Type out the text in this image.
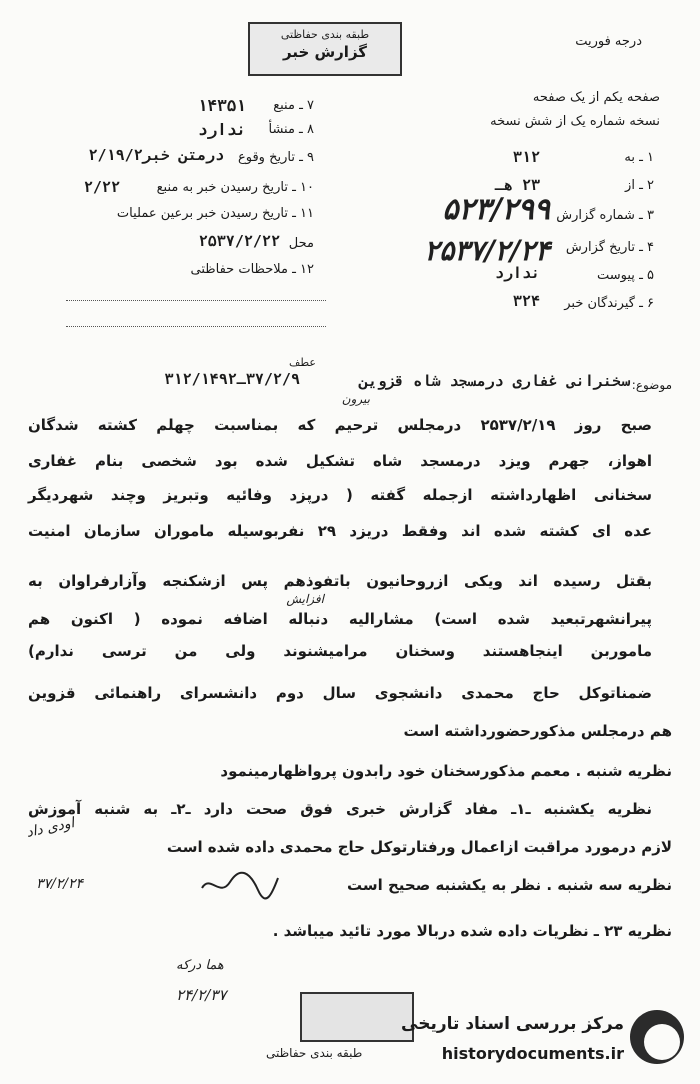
طبقه بندی حفاظتی
گزارش خبر
درجه فوریت
صفحه یکم از یک صفحه
نسخه شماره یک از شش نسخه
۱ ـ به
۳۱۲
۲ ـ از
۲۳ هـ
۳ ـ شماره گزارش
۵۲۳/۲۹۹
۴ ـ تاریخ گزارش
۲۵۳۷/۲/۲۴
۵ ـ پیوست
ندارد
۶ ـ گیرندگان خبر
۳۲۴
۷ ـ منبع
۱۴۳۵۱
۸ ـ منشأ
ندارد
۹ ـ تاریخ وقوع
درمتن خبر۲/۱۹/۲
۱۰ ـ تاریخ رسیدن خبر به منبع
۲/۲۲
۱۱ ـ تاریخ رسیدن خبر برعین عملیات
محل
۲۵۳۷/۲/۲۲
۱۲ ـ ملاحظات حفاظتی
موضوع:
سخنرانی غفاری درمسجد شاه قزوین
عطف
۳۷/۲/۹ـ۳۱۲/۱۴۹۲
بیرون
صبح روز ۲۵۳۷/۲/۱۹ درمجلس ترحیم که بمناسبت چهلم کشته شدگان
اهواز، جهرم ویزد درمسجد شاه تشکیل شده بود شخصی بنام غفاری
سخنانی اظهارداشته ازجمله گفته ( درپزد وفائیه وتبریز وچند شهردیگر
عده ای کشته شده اند وفقط دریزد ۲۹ نفربوسیله ماموران سازمان امنیت
بقتل رسیده اند ویکی ازروحانیون باتفوذهم پس ازشکنجه وآزارفراوان به
افزایش
پیرانشهرتبعید شده است) مشارالیه دنباله اضافه نموده ( اکنون هم
ماموربن اینجاهستند وسخنان مرامیشنوند ولی من ترسی ندارم)
ضمناتوکل حاج محمدی دانشجوی سال دوم دانشسرای راهنمائی قزوین
هم درمجلس مذکورحضورداشته است
نظریه شنبه . معمم مذکورسخنان خود رابدون پرواظهارمینمود
نظریه یکشنبه ـ۱ـ مفاد گزارش خبری فوق صحت دارد ـ۲ـ به شنبه آموزش
لازم درمورد مراقبت ازاعمال ورفتارتوکل حاج محمدی داده شده است
نظریه سه شنبه . نظر به یکشنبه صحیح است
نظریه ۲۳ ـ نظریات داده شده دربالا مورد تائید میباشد .
اودی داد
۳۷/۲/۲۴
هما درکه
۲۴/۲/۳۷
طبقه بندی حفاظتی
مرکز بررسی اسناد تاریخی
historydocuments.ir
